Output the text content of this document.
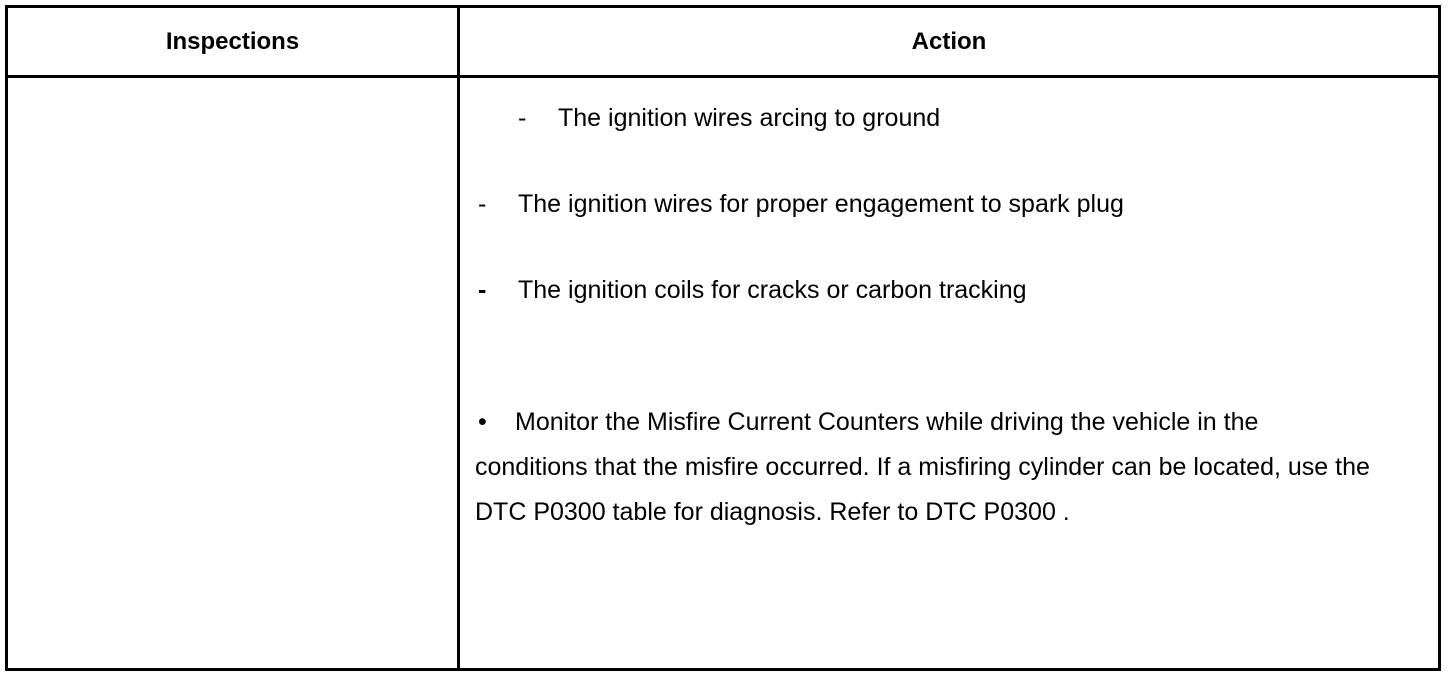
Inspections	Action
- The ignition wires arcing to ground
- The ignition wires for proper engagement to spark plug
- The ignition coils for cracks or carbon tracking
• Monitor the Misfire Current Counters while driving the vehicle in the conditions that the misfire occurred. If a misfiring cylinder can be located, use the DTC P0300 table for diagnosis. Refer to DTC P0300 .
